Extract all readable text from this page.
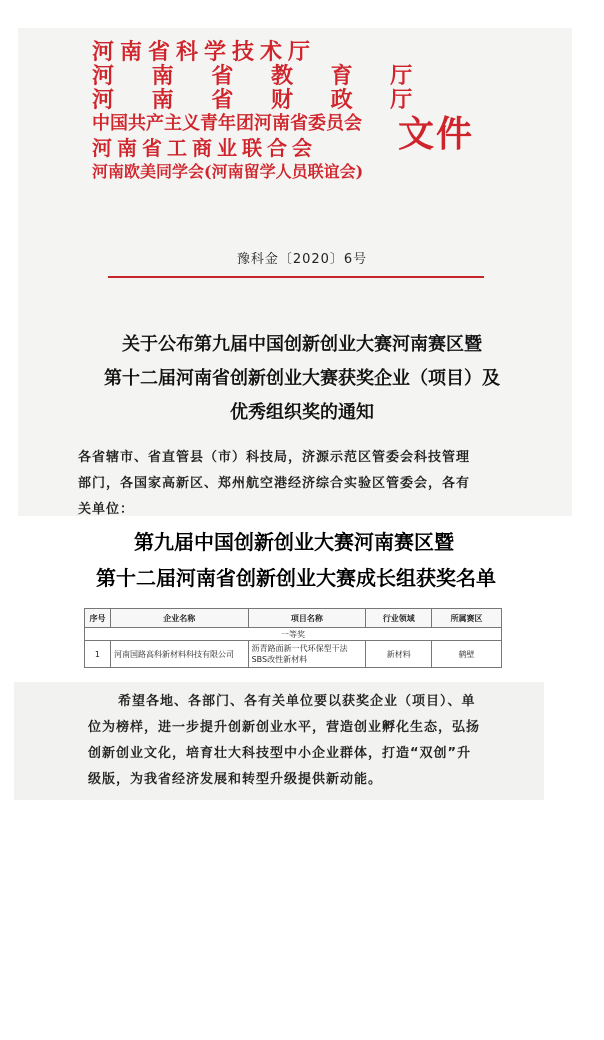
河南省科学技术厅
河 南 省 教 育 厅
河 南 省 财 政 厅
中国共产主义青年团河南省委员会
河南省工商业联合会
河南欧美同学会(河南留学人员联谊会)
文件
豫科金〔2020〕6号
关于公布第九届中国创新创业大赛河南赛区暨
第十二届河南省创新创业大赛获奖企业（项目）及
优秀组织奖的通知
各省辖市、省直管县（市）科技局，济源示范区管委会科技管理
部门，各国家高新区、郑州航空港经济综合实验区管委会，各有
关单位：
第九届中国创新创业大赛河南赛区暨
第十二届河南省创新创业大赛成长组获奖名单
序号	企业名称	项目名称	行业领域	所属赛区
一等奖				
1	河南国路高科新材料科技有限公司	沥青路面新一代环保型干法SBS改性新材料	新材料	鹤壁
希望各地、各部门、各有关单位要以获奖企业（项目）、单
位为榜样，进一步提升创新创业水平，营造创业孵化生态，弘扬
创新创业文化，培育壮大科技型中小企业群体，打造“双创”升
级版，为我省经济发展和转型升级提供新动能。
